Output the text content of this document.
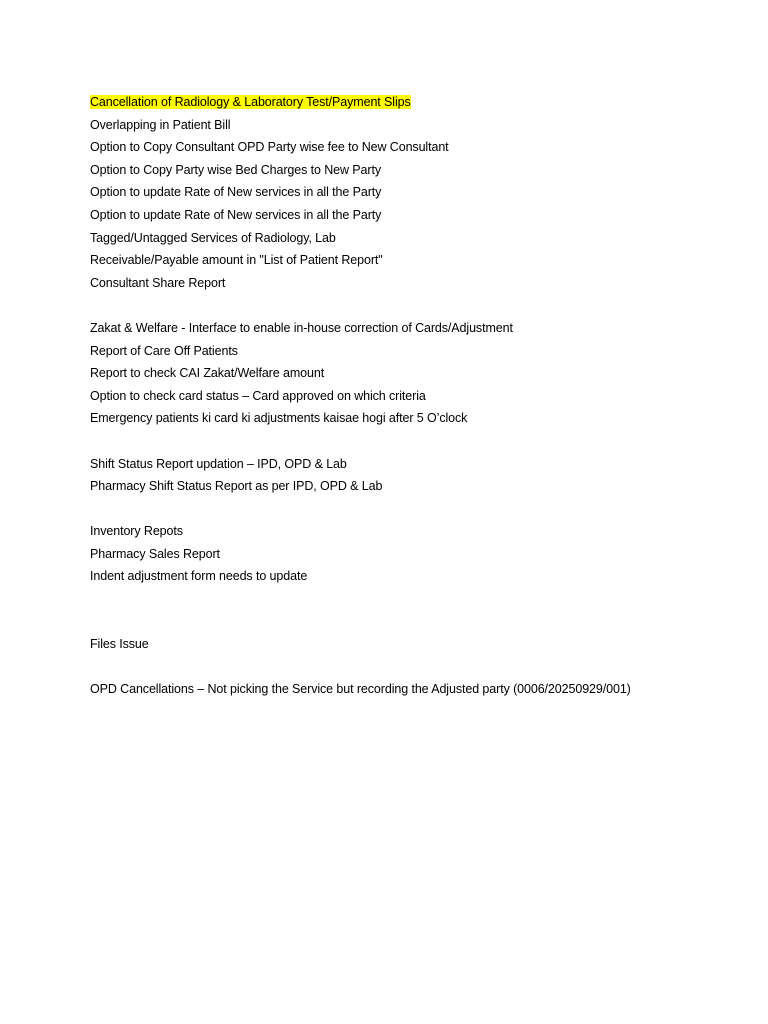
Cancellation of Radiology & Laboratory Test/Payment Slips
Overlapping in Patient Bill
Option to Copy Consultant OPD Party wise fee to New Consultant
Option to Copy Party wise Bed Charges to New Party
Option to update Rate of New services in all the Party
Option to update Rate of New services in all the Party
Tagged/Untagged Services of Radiology, Lab
Receivable/Payable amount in "List of Patient Report"
Consultant Share Report
Zakat & Welfare - Interface to enable in-house correction of Cards/Adjustment
Report of Care Off Patients
Report to check CAI Zakat/Welfare amount
Option to check card status – Card approved on which criteria
Emergency patients ki card ki adjustments kaisae hogi after 5 O’clock
Shift Status Report updation – IPD, OPD & Lab
Pharmacy Shift Status Report as per IPD, OPD & Lab
Inventory Repots
Pharmacy Sales Report
Indent adjustment form needs to update
Files Issue
OPD Cancellations – Not picking the Service but recording the Adjusted party (0006/20250929/001)
